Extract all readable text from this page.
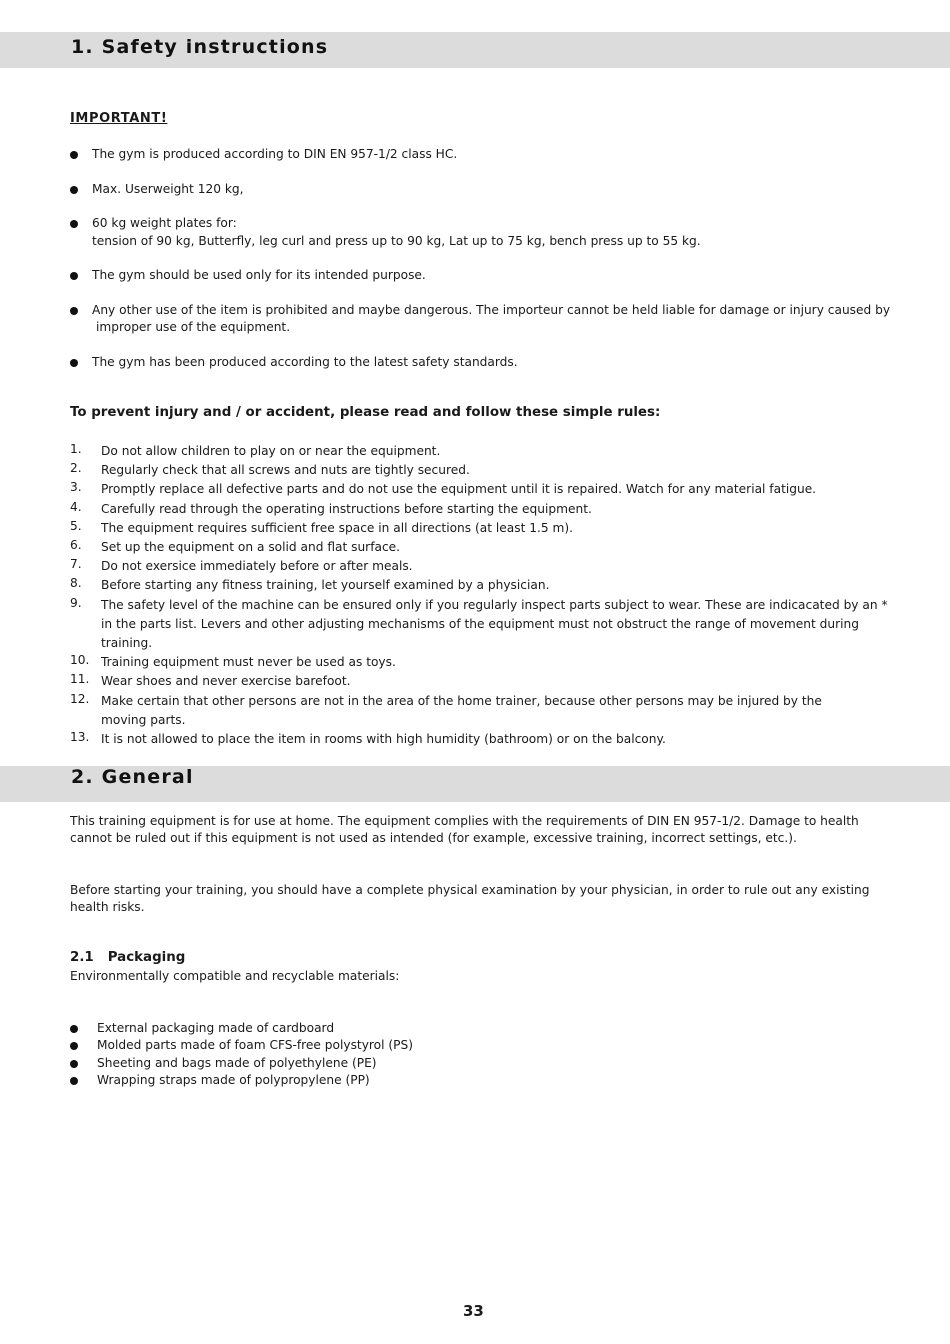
1. Safety instructions
IMPORTANT!
The gym is produced according to DIN EN 957-1/2 class HC.
Max. Userweight 120 kg,
60 kg weight plates for:
tension of 90 kg, Butterfly, leg curl and press up to 90 kg, Lat up to 75 kg, bench press up to 55 kg.
The gym should be used only for its intended purpose.
Any other use of the item is prohibited and maybe dangerous. The importeur cannot be held liable for damage or injury caused by
improper use of the equipment.
The gym has been produced according to the latest safety standards.
To prevent injury and / or accident, please read and follow these simple rules:
1. Do not allow children to play on or near the equipment.
2. Regularly check that all screws and nuts are tightly secured.
3. Promptly replace all defective parts and do not use the equipment until it is repaired. Watch for any material fatigue.
4. Carefully read through the operating instructions before starting the equipment.
5. The equipment requires sufficient free space in all directions (at least 1.5 m).
6. Set up the equipment on a solid and flat surface.
7. Do not exersice immediately before or after meals.
8. Before starting any fitness training, let yourself examined by a physician.
9. The safety level of the machine can be ensured only if you regularly inspect parts subject to wear. These are indicacated by an *
in the parts list. Levers and other adjusting mechanisms of the equipment must not obstruct the range of movement during
training.
10. Training equipment must never be used as toys.
11. Wear shoes and never exercise barefoot.
12. Make certain that other persons are not in the area of the home trainer, because other persons may be injured by the
moving parts.
13. It is not allowed to place the item in rooms with high humidity (bathroom) or on the balcony.
2. General
This training equipment is for use at home. The equipment complies with the requirements of DIN EN 957-1/2. Damage to health
cannot be ruled out if this equipment is not used as intended (for example, excessive training, incorrect settings, etc.).
Before starting your training, you should have a complete physical examination by your physician, in order to rule out any existing
health risks.
2.1   Packaging
Environmentally compatible and recyclable materials:
External packaging made of cardboard
Molded parts made of foam CFS-free polystyrol (PS)
Sheeting and bags made of polyethylene (PE)
Wrapping straps made of polypropylene (PP)
33
